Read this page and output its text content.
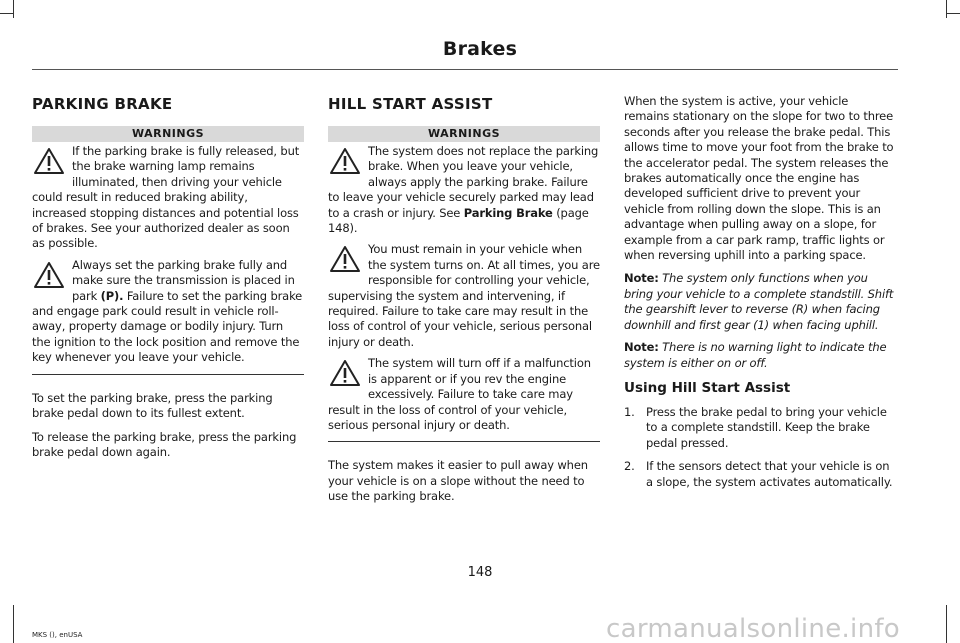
Brakes
PARKING BRAKE
WARNINGS

If the parking brake is fully released, but the brake warning lamp remains illuminated, then driving your vehicle could result in reduced braking ability, increased stopping distances and potential loss of brakes. See your authorized dealer as soon as possible.

Always set the parking brake fully and make sure the transmission is placed in park (P). Failure to set the parking brake and engage park could result in vehicle roll-away, property damage or bodily injury. Turn the ignition to the lock position and remove the key whenever you leave your vehicle.

To set the parking brake, press the parking brake pedal down to its fullest extent.

To release the parking brake, press the parking brake pedal down again.

HILL START ASSIST
WARNINGS

The system does not replace the parking brake. When you leave your vehicle, always apply the parking brake. Failure to leave your vehicle securely parked may lead to a crash or injury. See Parking Brake (page 148).

You must remain in your vehicle when the system turns on. At all times, you are responsible for controlling your vehicle, supervising the system and intervening, if required. Failure to take care may result in the loss of control of your vehicle, serious personal injury or death.

The system will turn off if a malfunction is apparent or if you rev the engine excessively. Failure to take care may result in the loss of control of your vehicle, serious personal injury or death.

The system makes it easier to pull away when your vehicle is on a slope without the need to use the parking brake.

When the system is active, your vehicle remains stationary on the slope for two to three seconds after you release the brake pedal. This allows time to move your foot from the brake to the accelerator pedal. The system releases the brakes automatically once the engine has developed sufficient drive to prevent your vehicle from rolling down the slope. This is an advantage when pulling away on a slope, for example from a car park ramp, traffic lights or when reversing uphill into a parking space.

Note: The system only functions when you bring your vehicle to a complete standstill. Shift the gearshift lever to reverse (R) when facing downhill and first gear (1) when facing uphill.

Note: There is no warning light to indicate the system is either on or off.

Using Hill Start Assist
1. Press the brake pedal to bring your vehicle to a complete standstill. Keep the brake pedal pressed.
2. If the sensors detect that your vehicle is on a slope, the system activates automatically.
148
MKS (), enUSA	carmanualsonline.info
